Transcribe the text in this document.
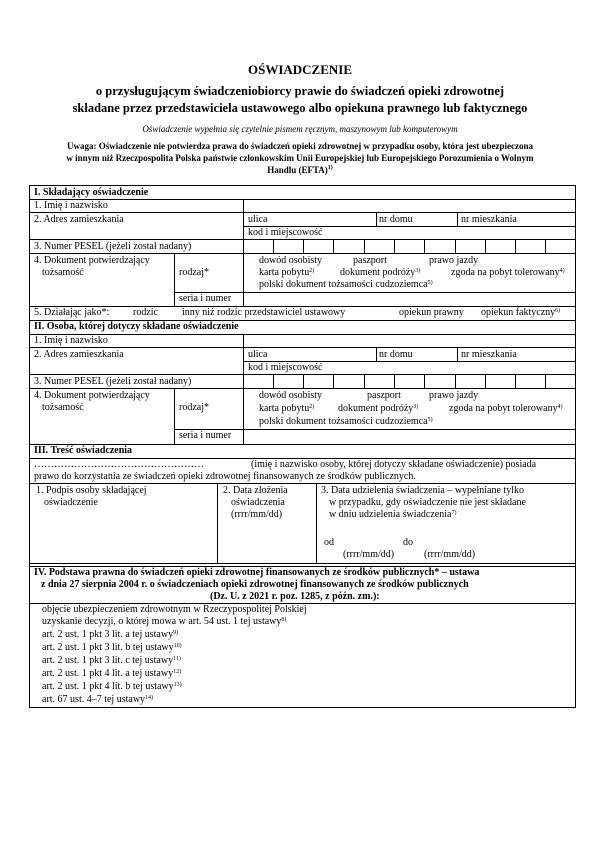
OŚWIADCZENIE
o przysługującym świadczeniobiorcy prawie do świadczeń opieki zdrowotnej
składane przez przedstawiciela ustawowego albo opiekuna prawnego lub faktycznego
Oświadczenie wypełnia się czytelnie pismem ręcznym, maszynowym lub komputerowym
Uwaga: Oświadczenie nie potwierdza prawa do świadczeń opieki zdrowotnej w przypadku osoby, która jest ubezpieczona
w innym niż Rzeczpospolita Polska państwie członkowskim Unii Europejskiej lub Europejskiego Porozumienia o Wolnym
Handlu (EFTA)$^{1)}$
I. Składający oświadczenie
1. Imię i nazwisko
2. Adres zamieszkania	ulica	nr domu	nr mieszkania
kod i miejscowość
3. Numer PESEL (jeżeli został nadany)
4. Dokument potwierdzający
tożsamość	rodzaj*
dowód osobisty	paszport	prawo jazdy
karta pobytu$^{2)}$	dokument podróży$^{3)}$	zgoda na pobyt tolerowany$^{4)}$
polski dokument tożsamości cudzoziemca$^{5)}$
seria i numer
5. Działając jako*: rodzic inny niż rodzic przedstawiciel ustawowy	opiekun prawny opiekun faktyczny$^{6)}$
II. Osoba, której dotyczy składane oświadczenie
1. Imię i nazwisko
2. Adres zamieszkania	ulica	nr domu	nr mieszkania
kod i miejscowość
3. Numer PESEL (jeżeli został nadany)
4. Dokument potwierdzający
tożsamość	rodzaj*
dowód osobisty	paszport	prawo jazdy
karta pobytu$^{2)}$ dokument podróży$^{3)}$	zgoda na pobyt tolerowany$^{4)}$
polski dokument tożsamości cudzoziemca$^{5)}$
seria i numer
III. Treść oświadczenia
……………………………………………	(imię i nazwisko osoby, której dotyczy składane oświadczenie) posiada
prawo do korzystania ze świadczeń opieki zdrowotnej finansowanych ze środków publicznych.
1. Podpis osoby składającej
oświadczenie
2. Data złożenia
oświadczenia
(rrrr/mm/dd)
3. Data udzielenia świadczenia – wypełniane tylko
w przypadku, gdy oświadczenie nie jest składane
w dniu udzielenia świadczenia$^{7)}$
od	do
(rrrr/mm/dd)	(rrrr/mm/dd)
IV. Podstawa prawna do świadczeń opieki zdrowotnej finansowanych ze środków publicznych* – ustawa
z dnia 27 sierpnia 2004 r. o świadczeniach opieki zdrowotnej finansowanych ze środków publicznych
(Dz. U. z 2021 r. poz. 1285, z późn. zm.):
objęcie ubezpieczeniem zdrowotnym w Rzeczypospolitej Polskiej
uzyskanie decyzji, o której mowa w art. 54 ust. 1 tej ustawy$^{8)}$
art. 2 ust. 1 pkt 3 lit. a tej ustawy$^{9)}$
art. 2 ust. 1 pkt 3 lit. b tej ustawy$^{10)}$
art. 2 ust. 1 pkt 3 lit. c tej ustawy$^{11)}$
art. 2 ust. 1 pkt 4 lit. a tej ustawy$^{12)}$
art. 2 ust. 1 pkt 4 lit. b tej ustawy$^{13)}$
art. 67 ust. 4–7 tej ustawy$^{14)}$
